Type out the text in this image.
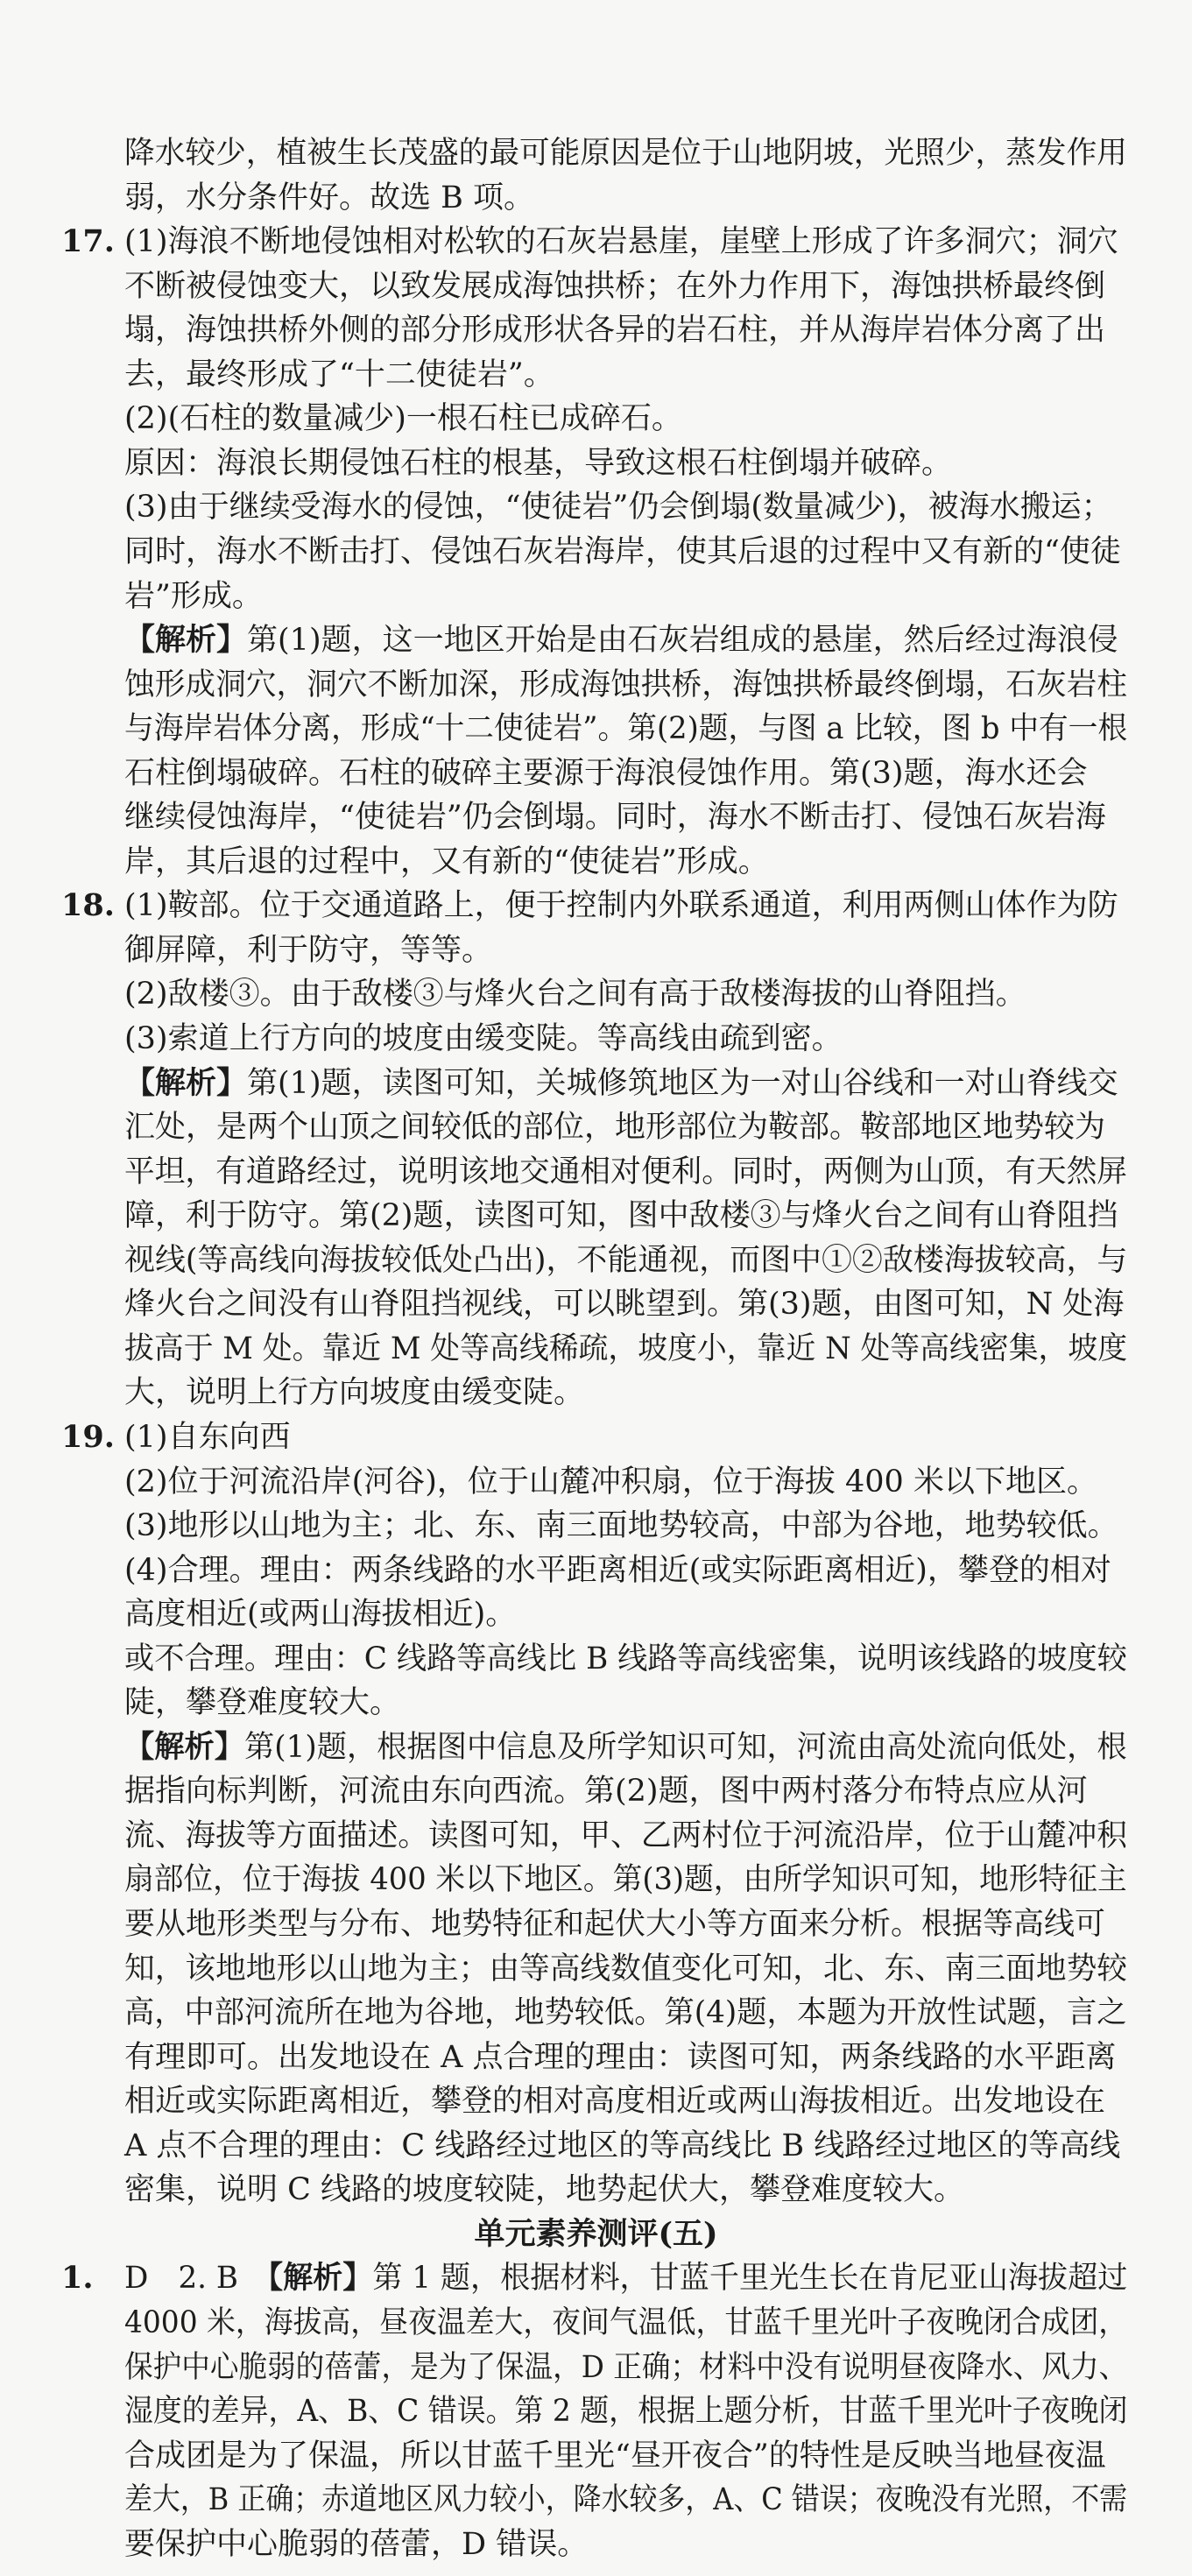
降水较少，植被生长茂盛的最可能原因是位于山地阴坡，光照少，蒸发作用
弱，水分条件好。故选 B 项。
17. (1)海浪不断地侵蚀相对松软的石灰岩悬崖，崖壁上形成了许多洞穴；洞穴
不断被侵蚀变大，以致发展成海蚀拱桥；在外力作用下，海蚀拱桥最终倒
塌，海蚀拱桥外侧的部分形成形状各异的岩石柱，并从海岸岩体分离了出
去，最终形成了“十二使徒岩”。
(2)(石柱的数量减少)一根石柱已成碎石。
原因：海浪长期侵蚀石柱的根基，导致这根石柱倒塌并破碎。
(3)由于继续受海水的侵蚀，“使徒岩”仍会倒塌(数量减少)，被海水搬运；
同时，海水不断击打、侵蚀石灰岩海岸，使其后退的过程中又有新的“使徒
岩”形成。
【解析】第(1)题，这一地区开始是由石灰岩组成的悬崖，然后经过海浪侵
蚀形成洞穴，洞穴不断加深，形成海蚀拱桥，海蚀拱桥最终倒塌，石灰岩柱
与海岸岩体分离，形成“十二使徒岩”。第(2)题，与图 a 比较，图 b 中有一根
石柱倒塌破碎。石柱的破碎主要源于海浪侵蚀作用。第(3)题，海水还会
继续侵蚀海岸，“使徒岩”仍会倒塌。同时，海水不断击打、侵蚀石灰岩海
岸，其后退的过程中，又有新的“使徒岩”形成。
18. (1)鞍部。位于交通道路上，便于控制内外联系通道，利用两侧山体作为防
御屏障，利于防守，等等。
(2)敌楼③。由于敌楼③与烽火台之间有高于敌楼海拔的山脊阻挡。
(3)索道上行方向的坡度由缓变陡。等高线由疏到密。
【解析】第(1)题，读图可知，关城修筑地区为一对山谷线和一对山脊线交
汇处，是两个山顶之间较低的部位，地形部位为鞍部。鞍部地区地势较为
平坦，有道路经过，说明该地交通相对便利。同时，两侧为山顶，有天然屏
障，利于防守。第(2)题，读图可知，图中敌楼③与烽火台之间有山脊阻挡
视线(等高线向海拔较低处凸出)，不能通视，而图中①②敌楼海拔较高，与
烽火台之间没有山脊阻挡视线，可以眺望到。第(3)题，由图可知，N 处海
拔高于 M 处。靠近 M 处等高线稀疏，坡度小，靠近 N 处等高线密集，坡度
大，说明上行方向坡度由缓变陡。
19. (1)自东向西
(2)位于河流沿岸(河谷)，位于山麓冲积扇，位于海拔 400 米以下地区。
(3)地形以山地为主；北、东、南三面地势较高，中部为谷地，地势较低。
(4)合理。理由：两条线路的水平距离相近(或实际距离相近)，攀登的相对
高度相近(或两山海拔相近)。
或不合理。理由：C 线路等高线比 B 线路等高线密集，说明该线路的坡度较
陡，攀登难度较大。
【解析】第(1)题，根据图中信息及所学知识可知，河流由高处流向低处，根
据指向标判断，河流由东向西流。第(2)题，图中两村落分布特点应从河
流、海拔等方面描述。读图可知，甲、乙两村位于河流沿岸，位于山麓冲积
扇部位，位于海拔 400 米以下地区。第(3)题，由所学知识可知，地形特征主
要从地形类型与分布、地势特征和起伏大小等方面来分析。根据等高线可
知，该地地形以山地为主；由等高线数值变化可知，北、东、南三面地势较
高，中部河流所在地为谷地，地势较低。第(4)题，本题为开放性试题，言之
有理即可。出发地设在 A 点合理的理由：读图可知，两条线路的水平距离
相近或实际距离相近，攀登的相对高度相近或两山海拔相近。出发地设在
A 点不合理的理由：C 线路经过地区的等高线比 B 线路经过地区的等高线
密集，说明 C 线路的坡度较陡，地势起伏大，攀登难度较大。
单元素养测评(五)
1. D　2. B　【解析】第 1 题，根据材料，甘蓝千里光生长在肯尼亚山海拔超过
4000 米，海拔高，昼夜温差大，夜间气温低，甘蓝千里光叶子夜晚闭合成团，
保护中心脆弱的蓓蕾，是为了保温，D 正确；材料中没有说明昼夜降水、风力、
湿度的差异，A、B、C 错误。第 2 题，根据上题分析，甘蓝千里光叶子夜晚闭
合成团是为了保温，所以甘蓝千里光“昼开夜合”的特性是反映当地昼夜温
差大，B 正确；赤道地区风力较小，降水较多，A、C 错误；夜晚没有光照，不需
要保护中心脆弱的蓓蕾，D 错误。
